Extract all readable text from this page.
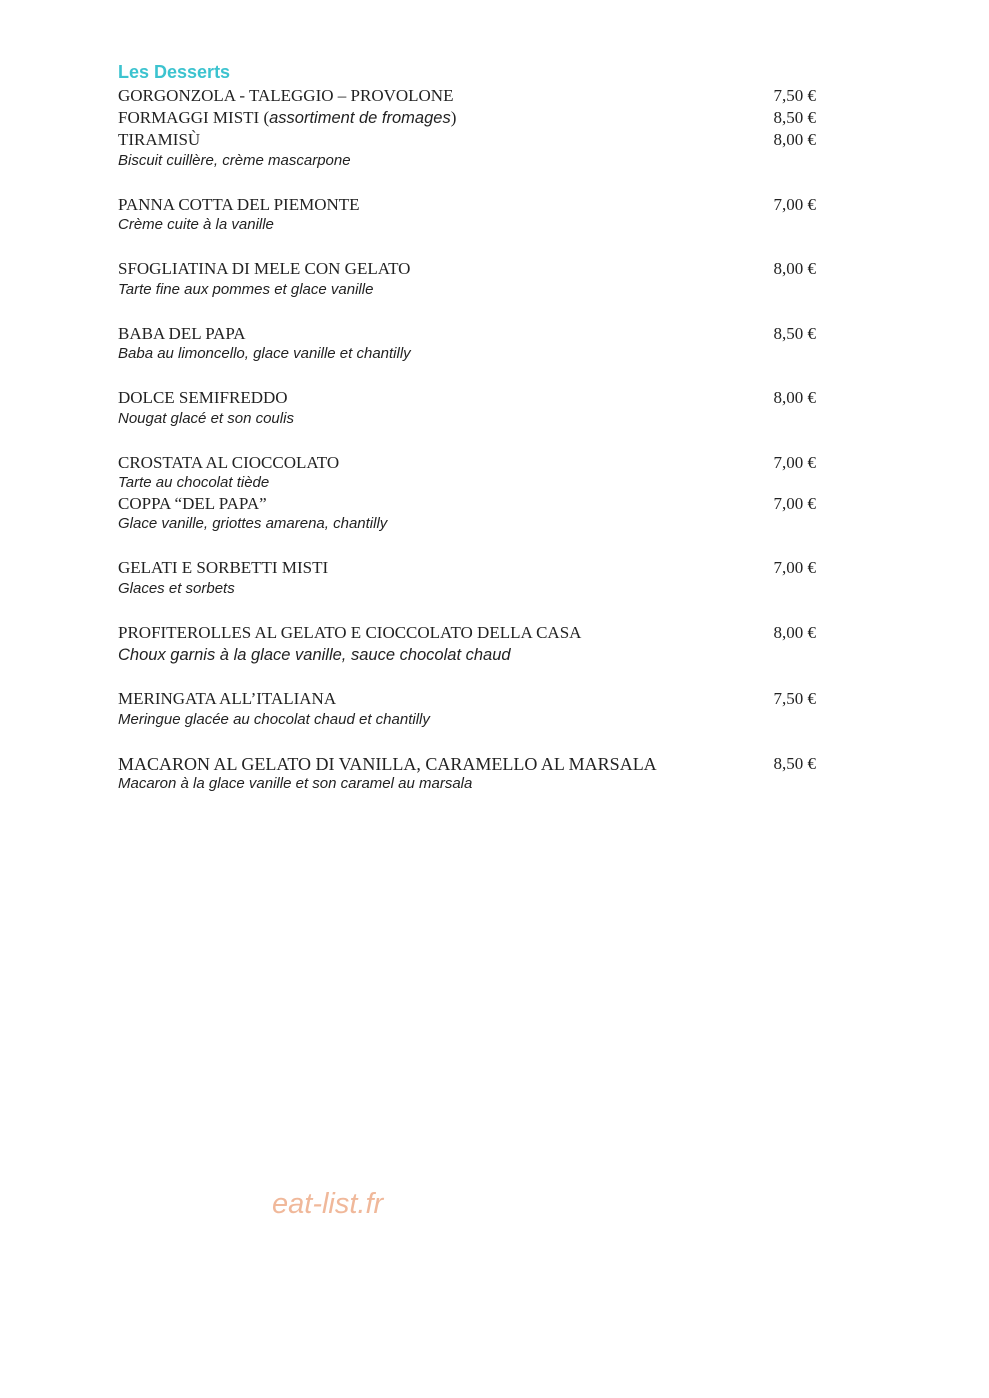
Les Desserts
GORGONZOLA - TALEGGIO – PROVOLONE	7,50 €
FORMAGGI MISTI (assortiment de fromages)	8,50 €
TIRAMISÙ	8,00 €
Biscuit cuillère, crème mascarpone
PANNA COTTA DEL PIEMONTE	7,00 €
Crème cuite à la vanille
SFOGLIATINA DI MELE CON GELATO	8,00 €
Tarte fine aux pommes et glace vanille
BABA DEL PAPA	8,50 €
Baba au limoncello, glace vanille et chantilly
DOLCE SEMIFREDDO	8,00 €
Nougat glacé et son coulis
CROSTATA AL CIOCCOLATO	7,00 €
Tarte au chocolat tiède
COPPA “DEL PAPA”	7,00 €
Glace vanille, griottes amarena, chantilly
GELATI E SORBETTI MISTI	7,00 €
Glaces et sorbets
PROFITEROLLES AL GELATO E CIOCCOLATO DELLA CASA	8,00 €
Choux garnis à la glace vanille, sauce chocolat chaud
MERINGATA ALL’ITALIANA	7,50 €
Meringue glacée au chocolat chaud et chantilly
MACARON AL GELATO DI VANILLA, CARAMELLO AL MARSALA	8,50 €
Macaron à la glace vanille et son caramel au marsala
eat-list.fr
